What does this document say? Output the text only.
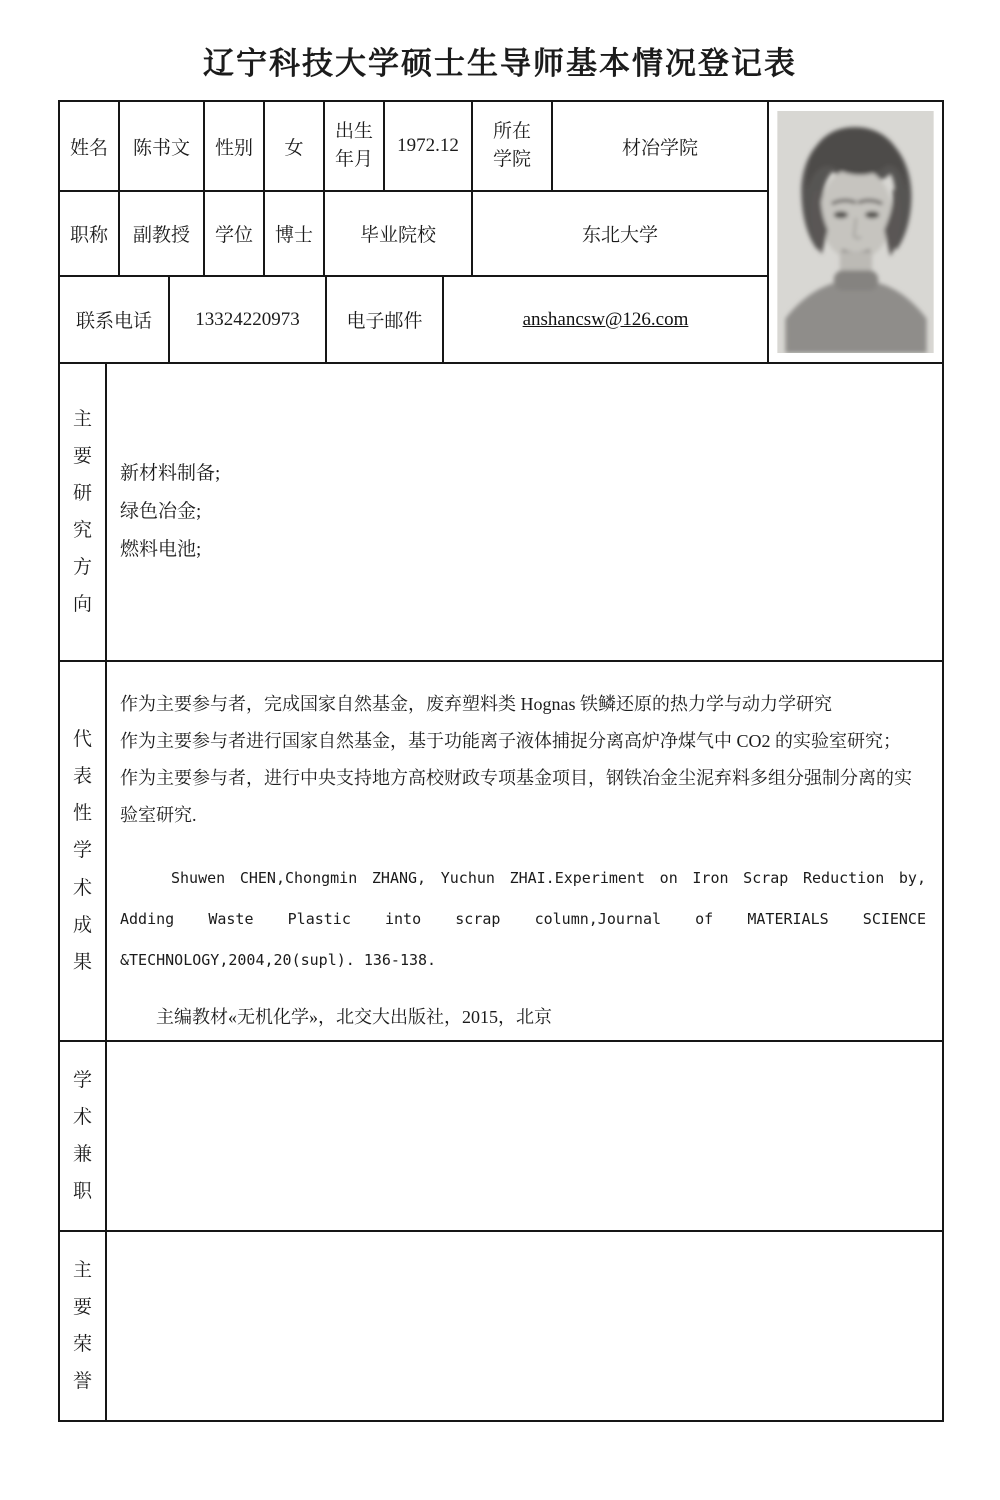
辽宁科技大学硕士生导师基本情况登记表
姓名 陈书文 性别 女
出生年月
1972.12
所在学院
材冶学院
职称 副教授 学位 博士 毕业院校	东北大学
联系电话 13324220973 电子邮件	anshancsw@126.com
主要研究方向
新材料制备;
绿色冶金;
燃料电池;
代表性学术成果

作为主要参与者，完成国家自然基金，废弃塑料类 Hognas 铁鳞还原的热力学与动力学研究

作为主要参与者进行国家自然基金，基于功能离子液体捕捉分离高炉净煤气中 CO2 的实验室研究；

作为主要参与者，进行中央支持地方高校财政专项基金项目，钢铁冶金尘泥弃料多组分强制分离的实验室研究.

Shuwen CHEN,Chongmin ZHANG, Yuchun ZHAI.Experiment on Iron Scrap Reduction by, Adding Waste Plastic into scrap column,Journal of MATERIALS SCIENCE &TECHNOLOGY,2004,20(supl). 136-138.

主编教材«无机化学»，北交大出版社，2015，北京

学术兼职
主要荣誉
